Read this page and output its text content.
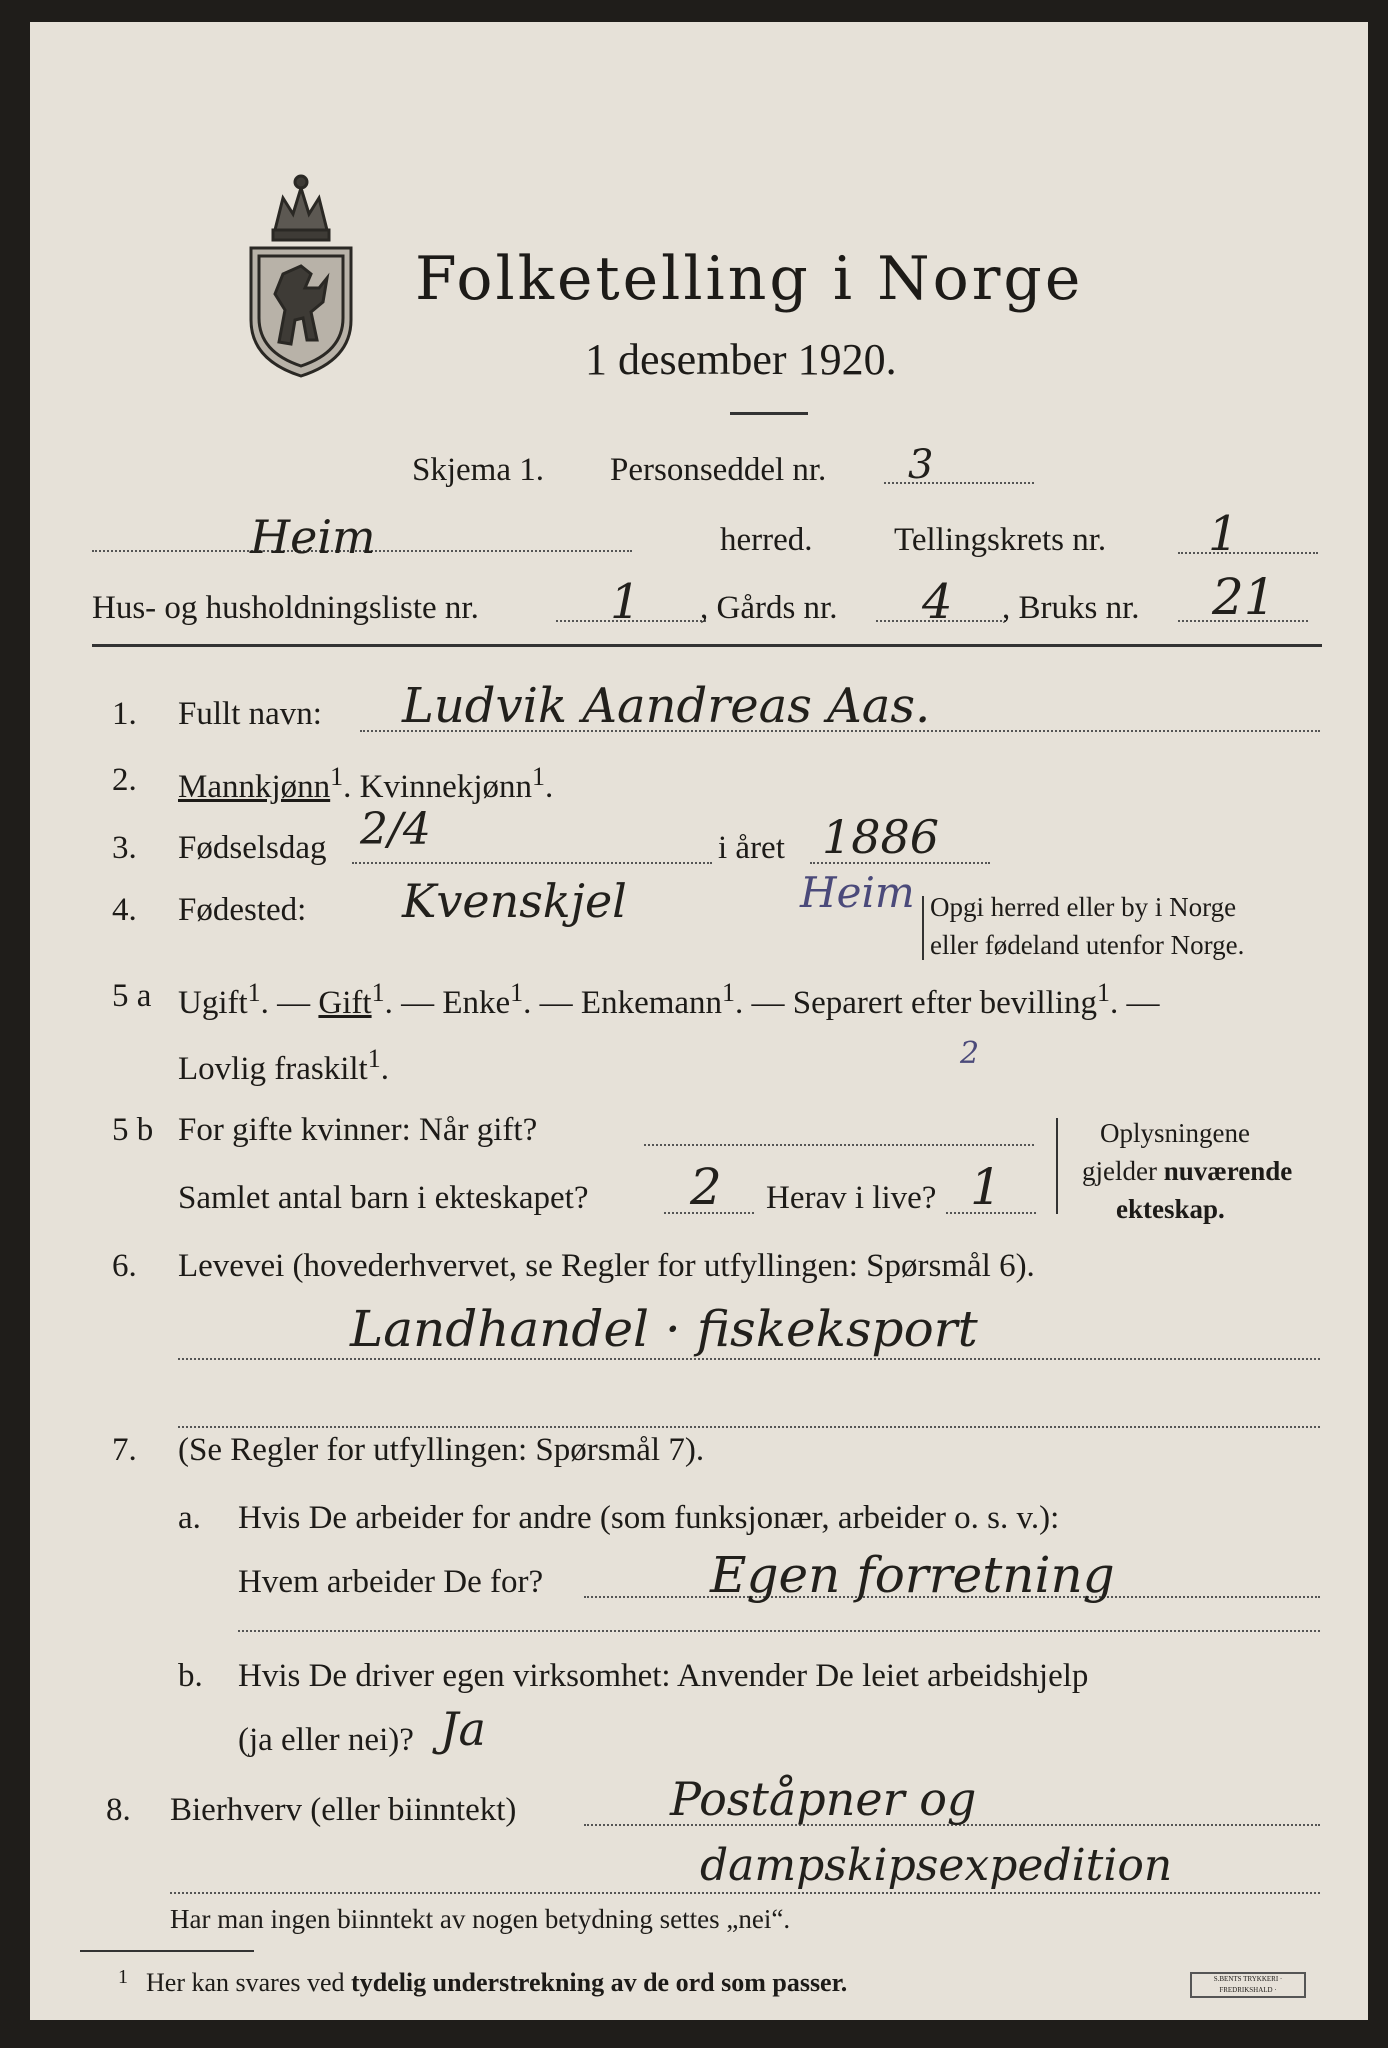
Folketelling i Norge
1 desember 1920.
Skjema 1. Personseddel nr. 3
Heim	herred. Tellingskrets nr. 1
Hus- og husholdningsliste nr.	1 , Gårds nr. 4 , Bruks nr. 21
1. Fullt navn: Ludvik Aandreas Aas.
2. Mannkjønn$^1$. Kvinnekjønn$^1$.
3. Fødselsdag 2/4	i året 1886
4. Fødested: Kvenskjel	Heim Opgi herred eller by i Norge
eller fødeland utenfor Norge.
5 a Ugift$^1$. — Gift$^1$. — Enke$^1$. — Enkemann$^1$. — Separert efter bevilling$^1$. —
Lovlig fraskilt$^1$.	2
5 b For gifte kvinner: Når gift?
Samlet antal barn i ekteskapet? 2 Herav i live? 1
Oplysningene
gjelder nuværende
ekteskap.
6. Levevei (hovederhvervet, se Regler for utfyllingen: Spørsmål 6).
Landhandel · fiskeksport
7. (Se Regler for utfyllingen: Spørsmål 7).
a. Hvis De arbeider for andre (som funksjonær, arbeider o. s. v.):
Hvem arbeider De for?	Egen forretning
b. Hvis De driver egen virksomhet: Anvender De leiet arbeidshjelp
(ja eller nei)? Ja
8. Bierhverv (eller biinntekt)	Poståpner og
dampskipsexpedition
Har man ingen biinntekt av nogen betydning settes „nei“.
1 Her kan svares ved tydelig understrekning av de ord som passer.	S.BENTS TRYKKERI · FREDRIKSHALD ·
